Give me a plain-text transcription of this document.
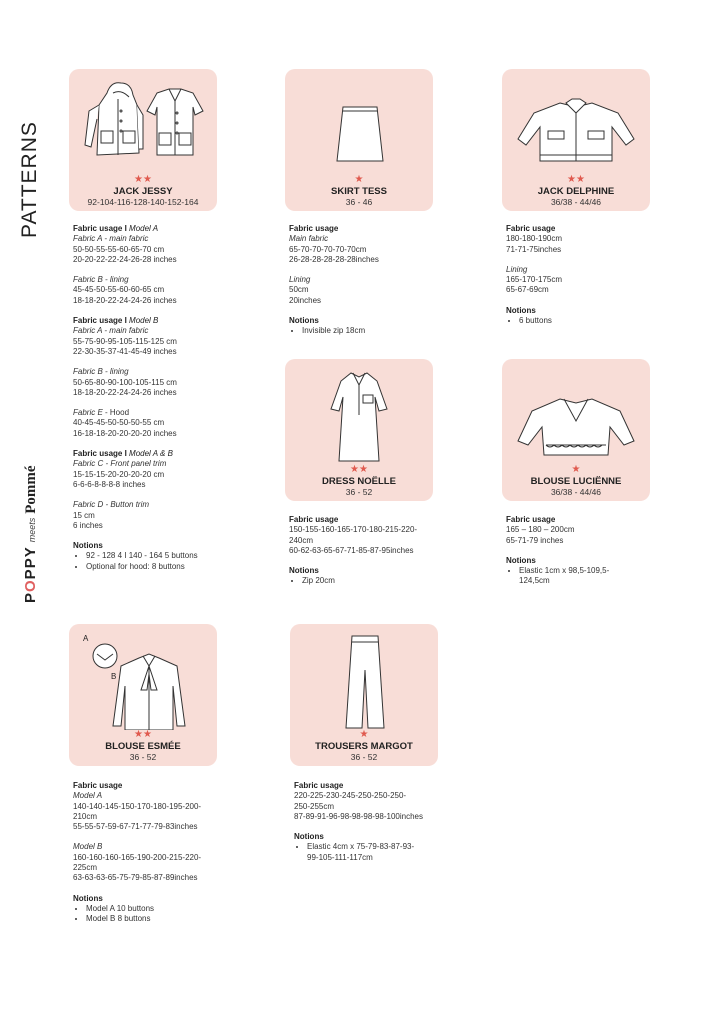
PATTERNS
POPPY
meets
Pommé
★★
JACK JESSY
92-104-116-128-140-152-164
★
SKIRT TESS
36 - 46
★★
JACK DELPHINE
36/38 - 44/46
★★
DRESS NOËLLE
36 - 52
★
BLOUSE LUCIËNNE
36/38 - 44/46
A
B
★★
BLOUSE ESMÉE
36 - 52
★
TROUSERS MARGOT
36 - 52
Fabric usage I Model A
Fabric A - main fabric
50-50-55-55-60-65-70 cm
20-20-22-22-24-26-28 inches
Fabric B - lining
45-45-50-55-60-60-65 cm
18-18-20-22-24-24-26 inches
Fabric usage I Model B
Fabric A - main fabric
55-75-90-95-105-115-125 cm
22-30-35-37-41-45-49 inches
Fabric B - lining
50-65-80-90-100-105-115 cm
18-18-20-22-24-24-26 inches
Fabric E - Hood
40-45-45-50-50-50-55 cm
16-18-18-20-20-20-20 inches
Fabric usage I Model A & B
Fabric C - Front panel trim
15-15-15-20-20-20-20 cm
6-6-6-8-8-8-8 inches
Fabric D - Button trim
15 cm
6 inches
Notions
• 92 - 128 4 I 140 - 164 5 buttons
• Optional for hood: 8 buttons
Fabric usage
Main fabric
65-70-70-70-70-70cm
26-28-28-28-28-28inches
Lining
50cm
20inches
Notions
• Invisible zip 18cm
Fabric usage
180-180-190cm
71-71-75inches
Lining
165-170-175cm
65-67-69cm
Notions
• 6 buttons
Fabric usage
150-155-160-165-170-180-215-220-
240cm
60-62-63-65-67-71-85-87-95inches
Notions
• Zip 20cm
Fabric usage
165 – 180 – 200cm
65-71-79 inches
Notions
• Elastic 1cm x 98,5-109,5-
124,5cm
Fabric usage
Model A
140-140-145-150-170-180-195-200-
210cm
55-55-57-59-67-71-77-79-83inches
Model B
160-160-160-165-190-200-215-220-
225cm
63-63-63-65-75-79-85-87-89inches
Notions
• Model A 10 buttons
• Model B 8 buttons
Fabric usage
220-225-230-245-250-250-250-
250-255cm
87-89-91-96-98-98-98-98-100inches
Notions
• Elastic 4cm x 75-79-83-87-93-
99-105-111-117cm
